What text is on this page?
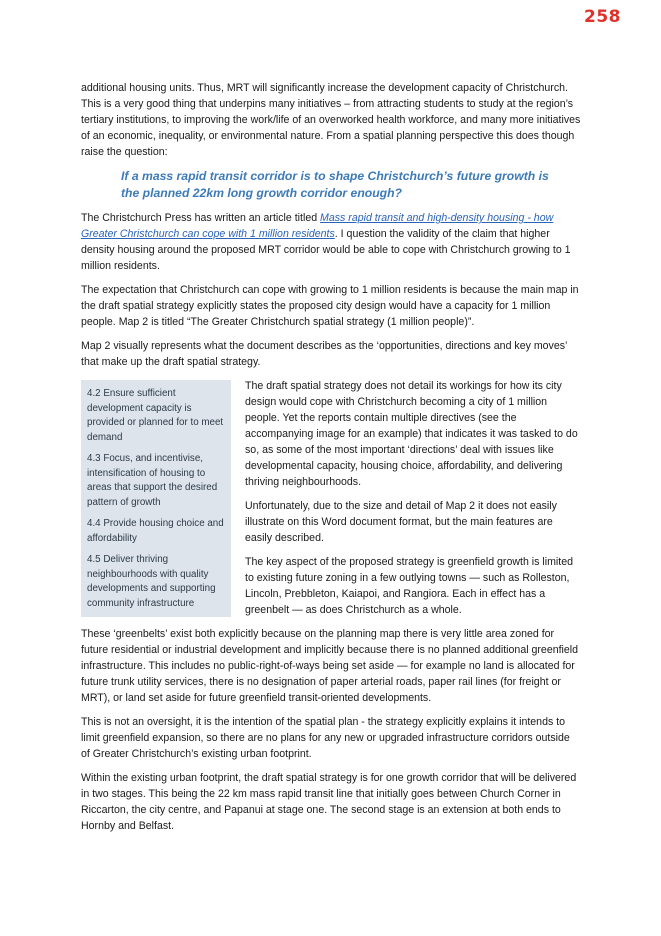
258

additional housing units. Thus, MRT will significantly increase the development capacity of Christchurch. This is a very good thing that underpins many initiatives – from attracting students to study at the region’s tertiary institutions, to improving the work/life of an overworked health workforce, and many more initiatives of an economic, inequality, or environmental nature. From a spatial planning perspective this does though raise the question:

If a mass rapid transit corridor is to shape Christchurch’s future growth is the planned 22km long growth corridor enough?

The Christchurch Press has written an article titled Mass rapid transit and high-density housing - how Greater Christchurch can cope with 1 million residents. I question the validity of the claim that higher density housing around the proposed MRT corridor would be able to cope with Christchurch growing to 1 million residents.

The expectation that Christchurch can cope with growing to 1 million residents is because the main map in the draft spatial strategy explicitly states the proposed city design would have a capacity for 1 million people. Map 2 is titled “The Greater Christchurch spatial strategy (1 million people)”.

Map 2 visually represents what the document describes as the ‘opportunities, directions and key moves’ that make up the draft spatial strategy.

4.2 Ensure sufficient development capacity is provided or planned for to meet demand
4.3 Focus, and incentivise, intensification of housing to areas that support the desired pattern of growth
4.4 Provide housing choice and affordability
4.5 Deliver thriving neighbourhoods with quality developments and supporting community infrastructure

The draft spatial strategy does not detail its workings for how its city design would cope with Christchurch becoming a city of 1 million people. Yet the reports contain multiple directives (see the accompanying image for an example) that indicates it was tasked to do so, as some of the most important ‘directions’ deal with issues like developmental capacity, housing choice, affordability, and delivering thriving neighbourhoods.

Unfortunately, due to the size and detail of Map 2 it does not easily illustrate on this Word document format, but the main features are easily described.

The key aspect of the proposed strategy is greenfield growth is limited to existing future zoning in a few outlying towns — such as Rolleston, Lincoln, Prebbleton, Kaiapoi, and Rangiora. Each in effect has a greenbelt — as does Christchurch as a whole.

These ‘greenbelts’ exist both explicitly because on the planning map there is very little area zoned for future residential or industrial development and implicitly because there is no planned additional greenfield infrastructure. This includes no public-right-of-ways being set aside — for example no land is allocated for future trunk utility services, there is no designation of paper arterial roads, paper rail lines (for freight or MRT), or land set aside for future greenfield transit-oriented developments.

This is not an oversight, it is the intention of the spatial plan - the strategy explicitly explains it intends to limit greenfield expansion, so there are no plans for any new or upgraded infrastructure corridors outside of Greater Christchurch’s existing urban footprint.

Within the existing urban footprint, the draft spatial strategy is for one growth corridor that will be delivered in two stages. This being the 22 km mass rapid transit line that initially goes between Church Corner in Riccarton, the city centre, and Papanui at stage one. The second stage is an extension at both ends to Hornby and Belfast.
